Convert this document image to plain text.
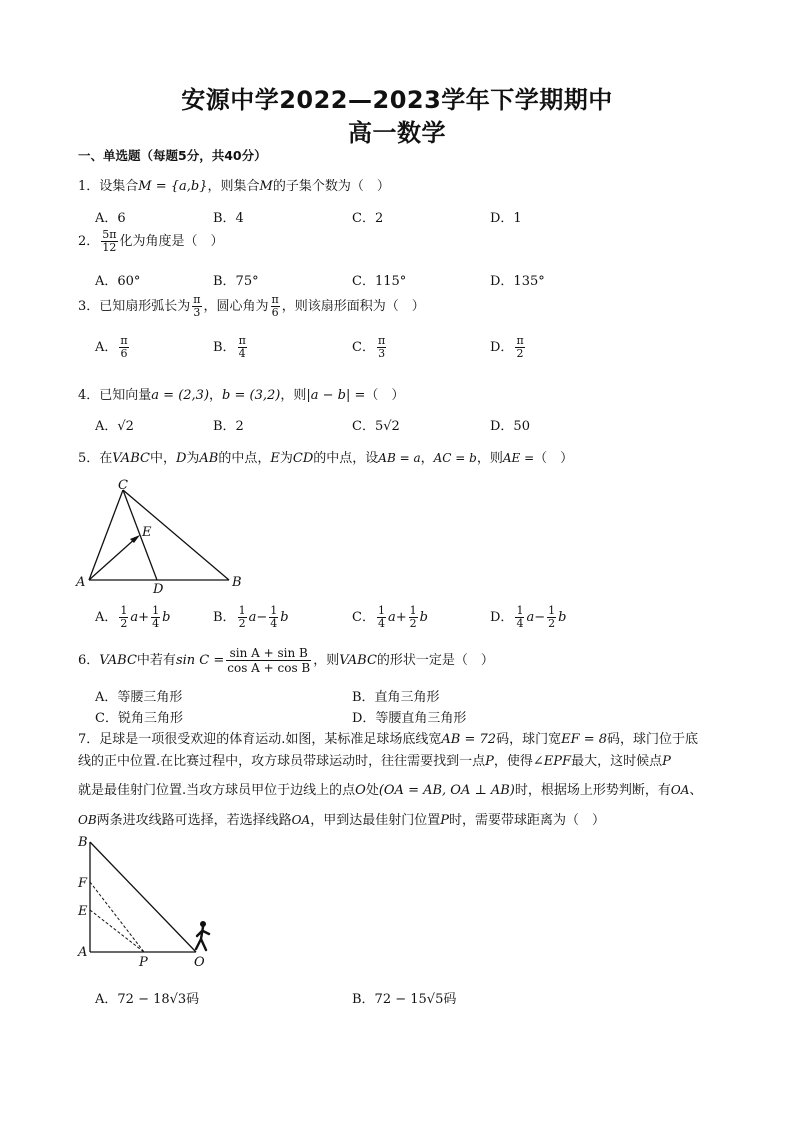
安源中学2022—2023学年下学期期中
高一数学
一、单选题（每题5分，共40分）
1．设集合M = {a,b}，则集合M的子集个数为（　）
A．6	B．4	C．2	D．1
2． $\frac{5\pi}{12}$ 化为角度是（　）
A．60°	B．75°	C．115°	D．135°
3．已知扇形弧长为 $\frac{\pi}{3}$ ，圆心角为 $\frac{\pi}{6}$ ，则该扇形面积为（　）
A． $\frac{\pi}{6}$	B． $\frac{\pi}{4}$	C． $\frac{\pi}{3}$	D． $\frac{\pi}{2}$
4．已知向量a = (2,3)，b = (3,2)，则|a − b| =（　）
A．√2	B．2	C．5√2	D．50
5．在VABC中，D为AB的中点，E为CD的中点，设AB = a，AC = b，则AE =（　）
C
E
A	D	B
A． $\frac{1}{2} a+ \frac{1}{4}$ b	B． $\frac{1}{2} a- \frac{1}{4}$ b	C． $\frac{1}{4} a+ \frac{1}{2}$ b	D． $\frac{1}{4} a- \frac{1}{2}$ b
6．VABC中若有$\sin C = \frac{\text{sin A + sin B}}{\text{cos A + cos B}}$ ，则VABC的形状一定是（　）
A．等腰三角形	B．直角三角形
C．锐角三角形	D．等腰直角三角形
7．足球是一项很受欢迎的体育运动.如图，某标准足球场底线宽AB = 72码，球门宽EF = 8码，球门位于底
线的正中位置.在比赛过程中，攻方球员带球运动时，往往需要找到一点P，使得∠EPF最大，这时候点P
就是最佳射门位置.当攻方球员甲位于边线上的点O处(OA = AB, OA ⊥ AB)时，根据场上形势判断，有OA、
OB两条进攻线路可选择，若选择线路OA，甲到达最佳射门位置P时，需要带球距离为（　）
B
F
E
A
P	O
A．72 − 18√3码	B．72 − 15√5码
